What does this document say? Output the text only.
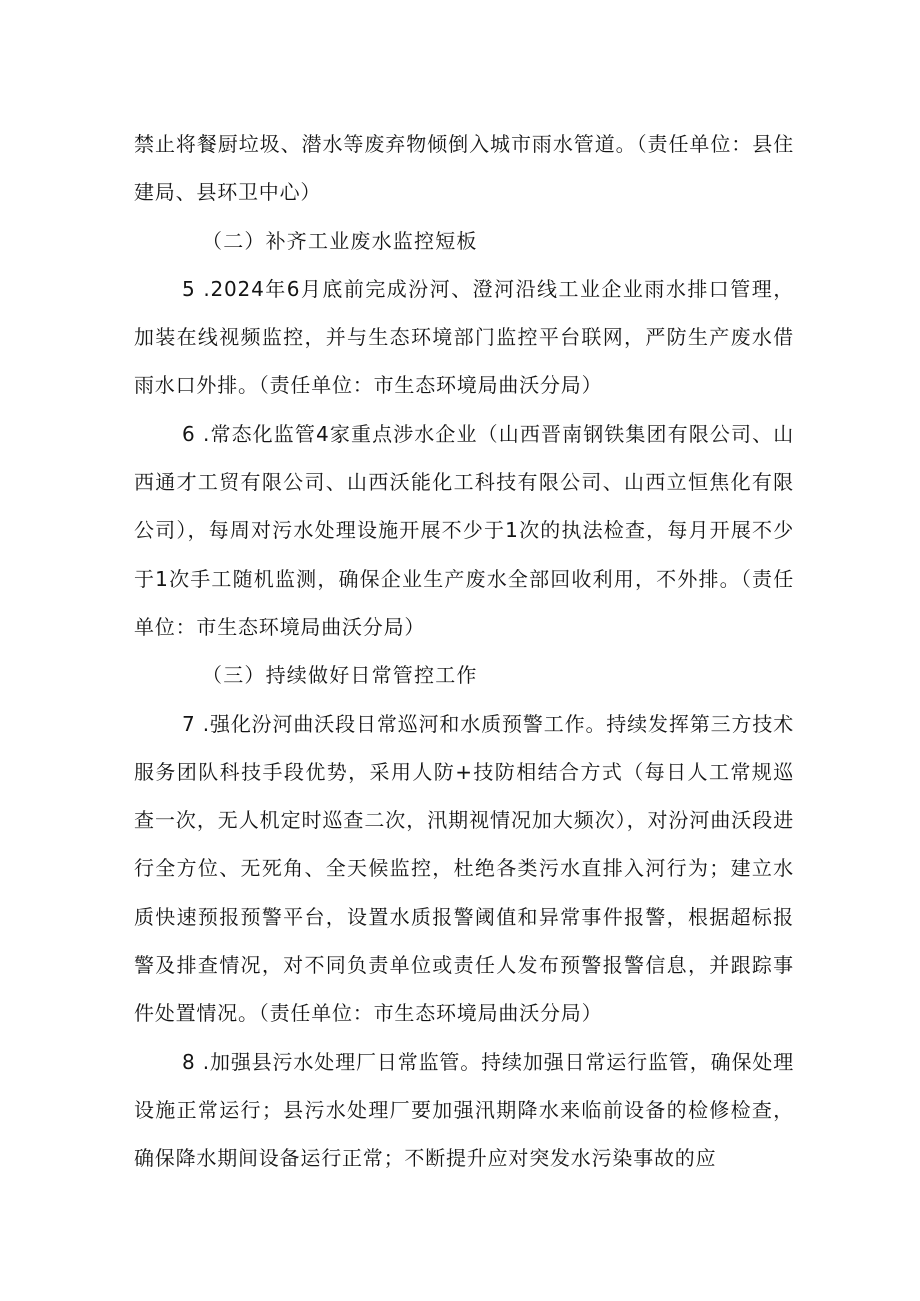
禁止将餐厨垃圾、潜水等废弃物倾倒入城市雨水管道。（责任单位：县住建局、县环卫中心）

（二）补齐工业废水监控短板

5 .2024年6月底前完成汾河、澄河沿线工业企业雨水排口管理，加装在线视频监控，并与生态环境部门监控平台联网，严防生产废水借雨水口外排。（责任单位：市生态环境局曲沃分局）

6 .常态化监管4家重点涉水企业（山西晋南钢铁集团有限公司、山西通才工贸有限公司、山西沃能化工科技有限公司、山西立恒焦化有限公司），每周对污水处理设施开展不少于1次的执法检查，每月开展不少于1次手工随机监测，确保企业生产废水全部回收利用，不外排。（责任单位：市生态环境局曲沃分局）

（三）持续做好日常管控工作

7 .强化汾河曲沃段日常巡河和水质预警工作。持续发挥第三方技术服务团队科技手段优势，采用人防+技防相结合方式（每日人工常规巡查一次，无人机定时巡查二次，汛期视情况加大频次），对汾河曲沃段进行全方位、无死角、全天候监控，杜绝各类污水直排入河行为；建立水质快速预报预警平台，设置水质报警阈值和异常事件报警，根据超标报警及排查情况，对不同负责单位或责任人发布预警报警信息，并跟踪事件处置情况。（责任单位：市生态环境局曲沃分局）

8 .加强县污水处理厂日常监管。持续加强日常运行监管，确保处理设施正常运行；县污水处理厂要加强汛期降水来临前设备的检修检查，确保降水期间设备运行正常；不断提升应对突发水污染事故的应
